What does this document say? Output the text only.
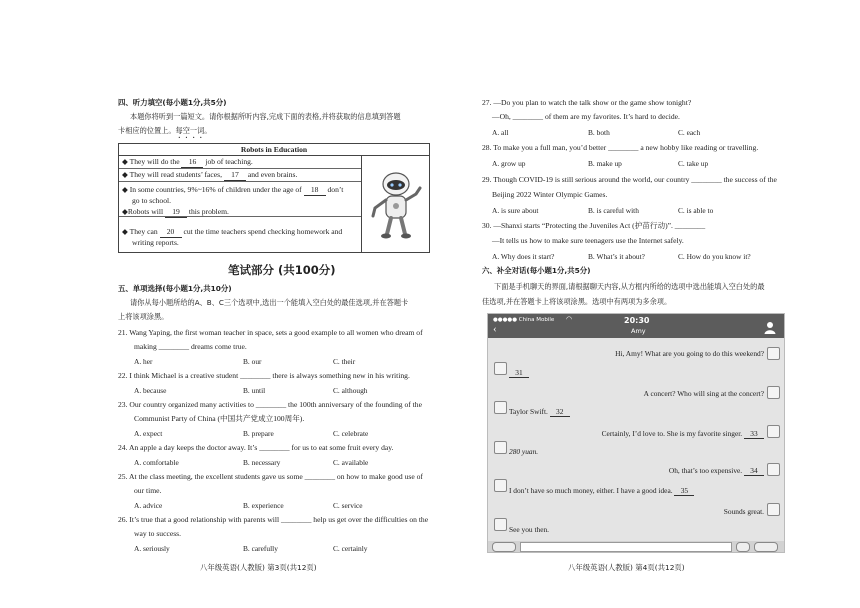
四、听力填空(每小题1分,共5分)
本题你将听到一篇短文。请你根据所听内容,完成下面的表格,并将获取的信息填到答题
卡相应的位置上。每空一词。
Robots in Education
◆ They will do the 16 job of teaching.
◆ They will read students’ faces, 17 and even brains.
◆ In some countries, 9%~16% of children under the age of 18 don’t
go to school.
◆Robots will 19 this problem.
◆ They can 20 cut the time teachers spend checking homework and
writing reports.
笔试部分 (共100分)
五、单项选择(每小题1分,共10分)
请你从每小题所给的A、B、C三个选项中,选出一个能填入空白处的最佳选项,并在答题卡
上将该项涂黑。
21. Wang Yaping, the first woman teacher in space, sets a good example to all women who dream of
making ________ dreams come true.
A. her	B. our	C. their
22. I think Michael is a creative student ________ there is always something new in his writing.
A. because	B. until	C. although
23. Our country organized many activities to ________ the 100th anniversary of the founding of the
Communist Party of China (中国共产党成立100周年).
A. expect	B. prepare	C. celebrate
24. An apple a day keeps the doctor away. It’s ________ for us to eat some fruit every day.
A. comfortable	B. necessary	C. available
25. At the class meeting, the excellent students gave us some ________ on how to make good use of
our time.
A. advice	B. experience	C. service
26. It’s true that a good relationship with parents will ________ help us get over the difficulties on the
way to success.
A. seriously	B. carefully	C. certainly
八年级英语(人教版) 第3页(共12页)
27. —Do you plan to watch the talk show or the game show tonight?
—Oh, ________ of them are my favorites. It’s hard to decide.
A. all	B. both	C. each
28. To make you a full man, you’d better ________ a new hobby like reading or travelling.
A. grow up	B. make up	C. take up
29. Though COVID-19 is still serious around the world, our country ________ the success of the
Beijing 2022 Winter Olympic Games.
A. is sure about	B. is careful with	C. is able to
30. —Shanxi starts “Protecting the Juveniles Act (护苗行动)”. ________
—It tells us how to make sure teenagers use the Internet safely.
A. Why does it start?	B. What’s it about?	C. How do you know it?
六、补全对话(每小题1分,共5分)
下面是手机聊天的界面,请根据聊天内容,从方框内所给的选项中选出能填入空白处的最
佳选项,并在答题卡上将该项涂黑。选项中有两项为多余项。
八年级英语(人教版) 第4页(共12页)
●●●●● China Mobile ◠	20:30
Amy
‹
Hi, Amy! What are you going to do this weekend?
31
A concert? Who will sing at the concert?
Taylor Swift. 32
Certainly, I’d love to. She is my favorite singer. 33
280 yuan.
Oh, that’s too expensive. 34
I don’t have so much money, either. I have a good idea. 35
Sounds great.
See you then.
